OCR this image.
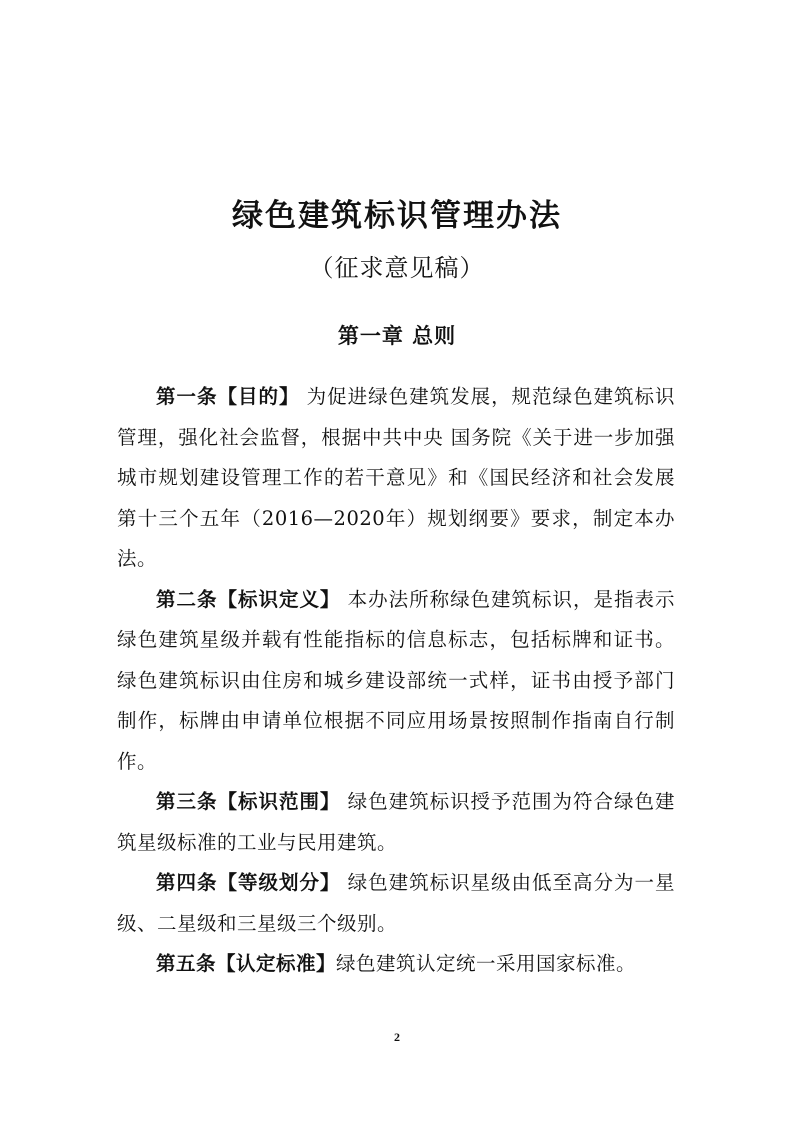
绿色建筑标识管理办法
（征求意见稿）
第一章 总则

第一条【目的】 为促进绿色建筑发展，规范绿色建筑标识管理，强化社会监督，根据中共中央 国务院《关于进一步加强城市规划建设管理工作的若干意见》和《国民经济和社会发展第十三个五年（2016—2020年）规划纲要》要求，制定本办法。

第二条【标识定义】 本办法所称绿色建筑标识，是指表示绿色建筑星级并载有性能指标的信息标志，包括标牌和证书。绿色建筑标识由住房和城乡建设部统一式样，证书由授予部门制作，标牌由申请单位根据不同应用场景按照制作指南自行制作。

第三条【标识范围】 绿色建筑标识授予范围为符合绿色建筑星级标准的工业与民用建筑。

第四条【等级划分】 绿色建筑标识星级由低至高分为一星级、二星级和三星级三个级别。

第五条【认定标准】绿色建筑认定统一采用国家标准。

2
